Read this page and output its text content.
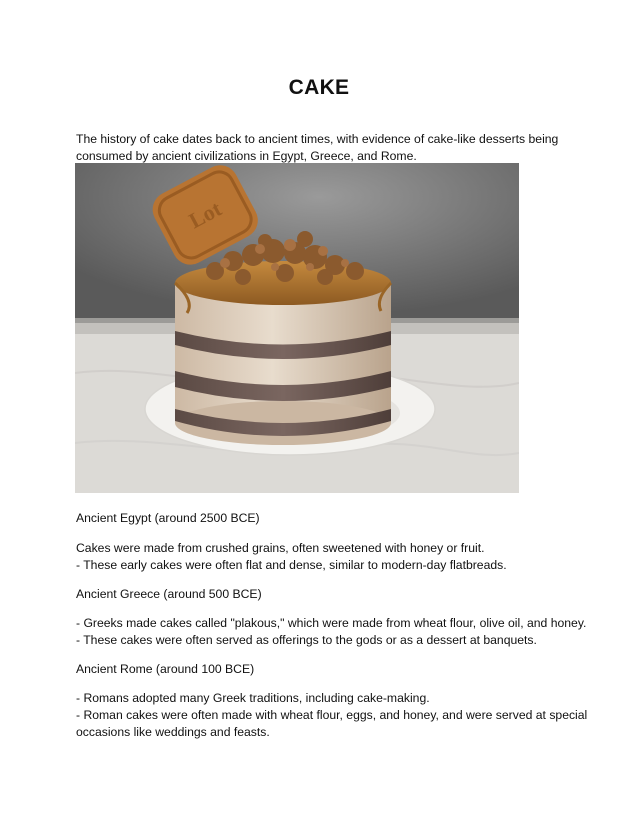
CAKE

The history of cake dates back to ancient times, with evidence of cake-like desserts being consumed by ancient civilizations in Egypt, Greece, and Rome.

Lot

Ancient Egypt (around 2500 BCE)

Cakes were made from crushed grains, often sweetened with honey or fruit.

- These early cakes were often flat and dense, similar to modern-day flatbreads.

Ancient Greece (around 500 BCE)

- Greeks made cakes called "plakous," which were made from wheat flour, olive oil, and honey.

- These cakes were often served as offerings to the gods or as a dessert at banquets.

Ancient Rome (around 100 BCE)

- Romans adopted many Greek traditions, including cake-making.

- Roman cakes were often made with wheat flour, eggs, and honey, and were served at special

occasions like weddings and feasts.
